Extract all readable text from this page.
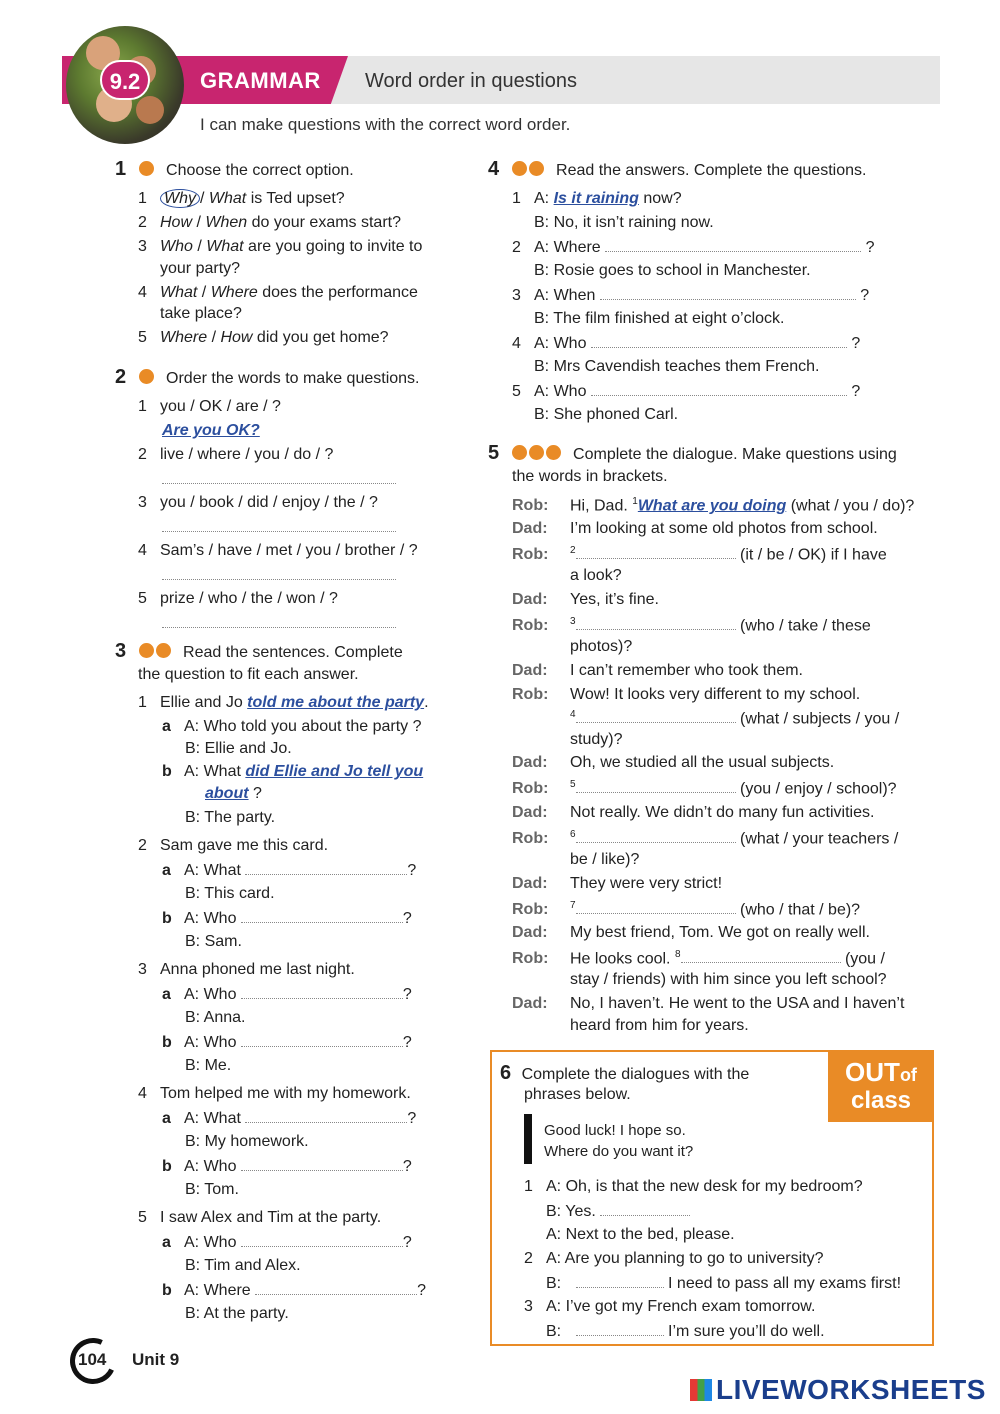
9.2	GRAMMAR Word order in questions
I can make questions with the correct word order.
1 Choose the correct option.
1 Why / What is Ted upset?
2 How / When do your exams start?
3 Who / What are you going to invite to
your party?
4 What / Where does the performance
take place?
5 Where / How did you get home?
2 Order the words to make questions.
1 you / OK / are / ?
Are you OK?
2 live / where / you / do / ?
3 you / book / did / enjoy / the / ?
4 Sam’s / have / met / you / brother / ?
5 prize / who / the / won / ?
3	Read the sentences. Complete
the question to fit each answer.
1 Ellie and Jo told me about the party.
a A: Who told you about the party ?
B: Ellie and Jo.
b A: What did Ellie and Jo tell you
about ?
B: The party.
2 Sam gave me this card.
a A: What	?
B: This card.
b A: Who	?
B: Sam.
3 Anna phoned me last night.
a A: Who	?
B: Anna.
b A: Who	?
B: Me.
4 Tom helped me with my homework.
a A: What	?
B: My homework.
b A: Who	?
B: Tom.
5 I saw Alex and Tim at the party.
a A: Who	?
B: Tim and Alex.
b A: Where	?
B: At the party.
4	Read the answers. Complete the questions.
1 A: Is it raining now?
B: No, it isn’t raining now.
2 A: Where	?
B: Rosie goes to school in Manchester.
3 A: When	?
B: The film finished at eight o’clock.
4 A: Who	?
B: Mrs Cavendish teaches them French.
5 A: Who	?
B: She phoned Carl.
5	Complete the dialogue. Make questions using
the words in brackets.
Rob: Hi, Dad. $^1$What are you doing (what / you / do)?
Dad: I’m looking at some old photos from school.
Rob: $^2$	(it / be / OK) if I have
a look?
Dad: Yes, it’s fine.
Rob: $^3$	(who / take / these
photos)?
Dad: I can’t remember who took them.
Rob: Wow! It looks very different to my school.
$^4$	(what / subjects / you /
study)?
Dad: Oh, we studied all the usual subjects.
Rob: $^5$	(you / enjoy / school)?
Dad: Not really. We didn’t do many fun activities.
Rob: $^6$	(what / your teachers /
be / like)?
Dad: They were very strict!
Rob: $^7$	(who / that / be)?
Dad: My best friend, Tom. We got on really well.
Rob: He looks cool. $^8$	(you /
stay / friends) with him since you left school?
Dad: No, I haven’t. He went to the USA and I haven’t
heard from him for years.
OUTof
class
6 Complete the dialogues with the
phrases below.
Good luck! I hope so.
Where do you want it?
1 A: Oh, is that the new desk for my bedroom?
B: Yes.
A: Next to the bed, please.
2 A: Are you planning to go to university?
B:	I need to pass all my exams first!
3 A: I’ve got my French exam tomorrow.
B:	I’m sure you’ll do well.
104 Unit 9
LIVEWORKSHEETS
